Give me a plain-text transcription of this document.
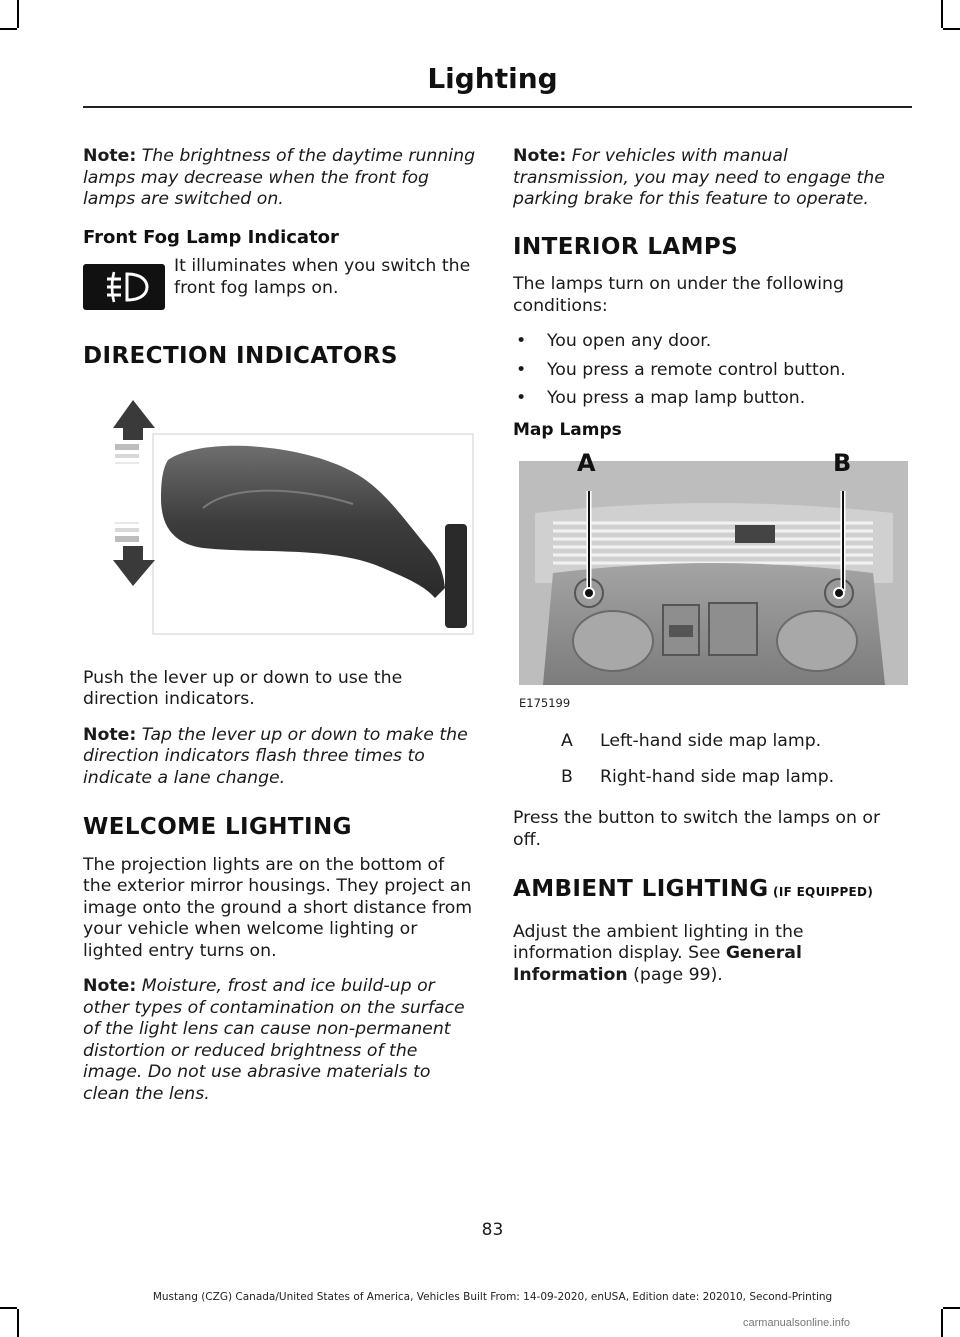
Lighting

Note: The brightness of the daytime running lamps may decrease when the front fog lamps are switched on.

Front Fog Lamp Indicator
It illuminates when you switch the front fog lamps on.
DIRECTION INDICATORS

Push the lever up or down to use the direction indicators.

Note: Tap the lever up or down to make the direction indicators flash three times to indicate a lane change.

WELCOME LIGHTING

The projection lights are on the bottom of the exterior mirror housings. They project an image onto the ground a short distance from your vehicle when welcome lighting or lighted entry turns on.

Note: Moisture, frost and ice build-up or other types of contamination on the surface of the light lens can cause non-permanent distortion or reduced brightness of the image. Do not use abrasive materials to clean the lens.

Note: For vehicles with manual transmission, you may need to engage the parking brake for this feature to operate.

INTERIOR LAMPS

The lamps turn on under the following conditions:

• You open any door.
• You press a remote control button.
• You press a map lamp button.
Map Lamps
A	B
E175199
A	Left-hand side map lamp.
B	Right-hand side map lamp.

Press the button to switch the lamps on or off.

AMBIENT LIGHTING (IF EQUIPPED)

Adjust the ambient lighting in the information display. See General Information (page 99).

83
Mustang (CZG) Canada/United States of America, Vehicles Built From: 14-09-2020, enUSA, Edition date: 202010, Second-Printing
carmanualsonline.info
